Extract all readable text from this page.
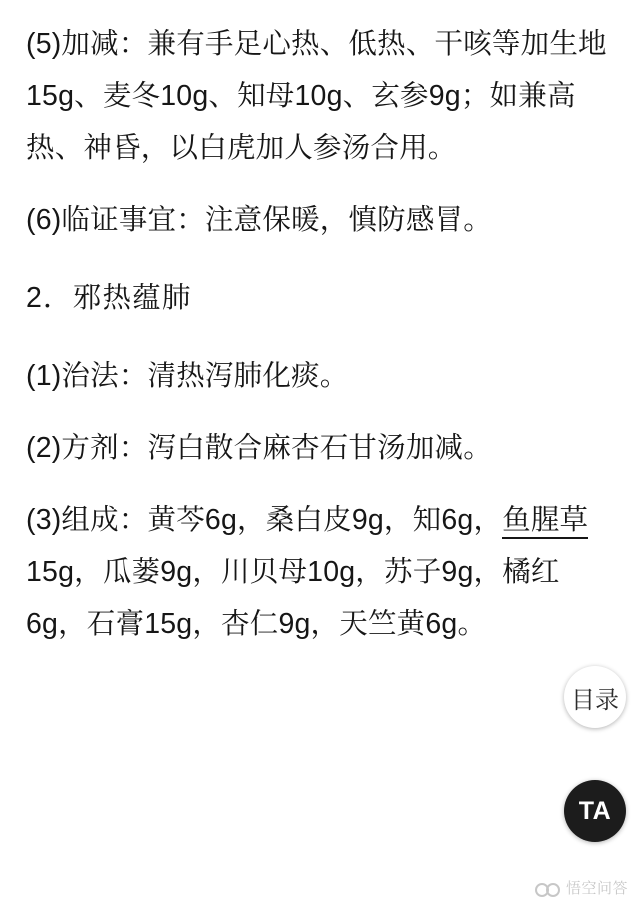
(5)加减：兼有手足心热、低热、干咳等加生地15g、麦冬10g、知母10g、玄参9g；如兼高热、神昏，以白虎加人参汤合用。

(6)临证事宜：注意保暖，慎防感冒。

2．邪热蕴肺

(1)治法：清热泻肺化痰。

(2)方剂：泻白散合麻杏石甘汤加减。

(3)组成：黄芩6g，桑白皮9g，知6g，鱼腥草15g，瓜蒌9g，川贝母10g，苏子9g，橘红6g，石膏15g，杏仁9g，天竺黄6g。

目录
TA
悟空问答
